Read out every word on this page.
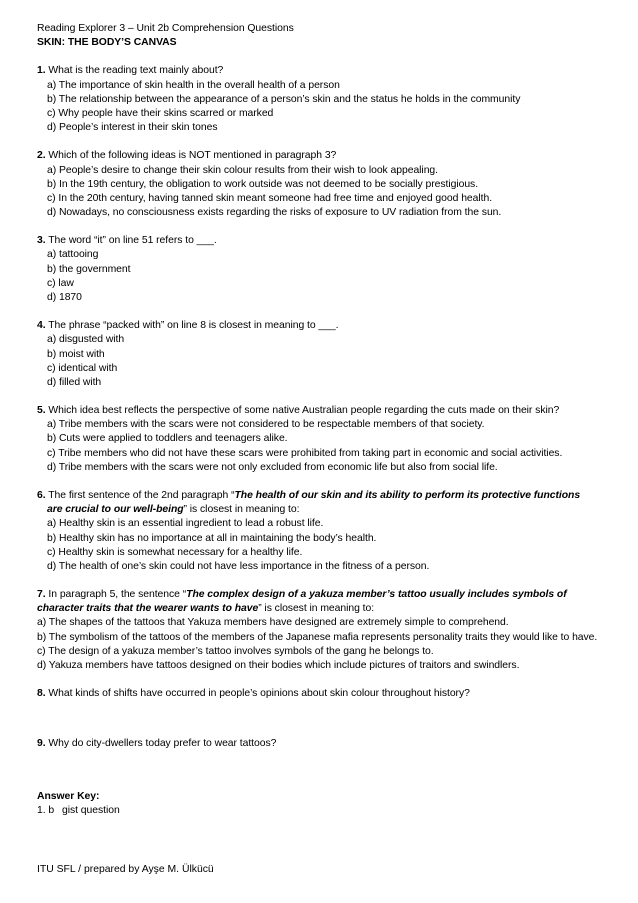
Reading Explorer 3 – Unit 2b Comprehension Questions
SKIN: THE BODY’S CANVAS
1. What is the reading text mainly about?
a) The importance of skin health in the overall health of a person
b) The relationship between the appearance of a person’s skin and the status he holds in the community
c) Why people have their skins scarred or marked
d) People’s interest in their skin tones
2. Which of the following ideas is NOT mentioned in paragraph 3?
a) People’s desire to change their skin colour results from their wish to look appealing.
b) In the 19th century, the obligation to work outside was not deemed to be socially prestigious.
c) In the 20th century, having tanned skin meant someone had free time and enjoyed good health.
d) Nowadays, no consciousness exists regarding the risks of exposure to UV radiation from the sun.
3. The word “it” on line 51 refers to ___.
a) tattooing
b) the government
c) law
d) 1870
4. The phrase “packed with” on line 8 is closest in meaning to ___.
a) disgusted with
b) moist with
c) identical with
d) filled with
5. Which idea best reflects the perspective of some native Australian people regarding the cuts made on their skin?
a) Tribe members with the scars were not considered to be respectable members of that society.
b) Cuts were applied to toddlers and teenagers alike.
c) Tribe members who did not have these scars were prohibited from taking part in economic and social activities.
d) Tribe members with the scars were not only excluded from economic life but also from social life.
6. The first sentence of the 2nd paragraph “The health of our skin and its ability to perform its protective functions
are crucial to our well-being” is closest in meaning to:
a) Healthy skin is an essential ingredient to lead a robust life.
b) Healthy skin has no importance at all in maintaining the body’s health.
c) Healthy skin is somewhat necessary for a healthy life.
d) The health of one’s skin could not have less importance in the fitness of a person.
7. In paragraph 5, the sentence “The complex design of a yakuza member’s tattoo usually includes symbols of
character traits that the wearer wants to have” is closest in meaning to:
a) The shapes of the tattoos that Yakuza members have designed are extremely simple to comprehend.
b) The symbolism of the tattoos of the members of the Japanese mafia represents personality traits they would like to have.
c) The design of a yakuza member’s tattoo involves symbols of the gang he belongs to.
d) Yakuza members have tattoos designed on their bodies which include pictures of traitors and swindlers.
8. What kinds of shifts have occurred in people’s opinions about skin colour throughout history?
9. Why do city-dwellers today prefer to wear tattoos?
Answer Key:
1. b gist question
ITU SFL / prepared by Ayşe M. Ülkücü
